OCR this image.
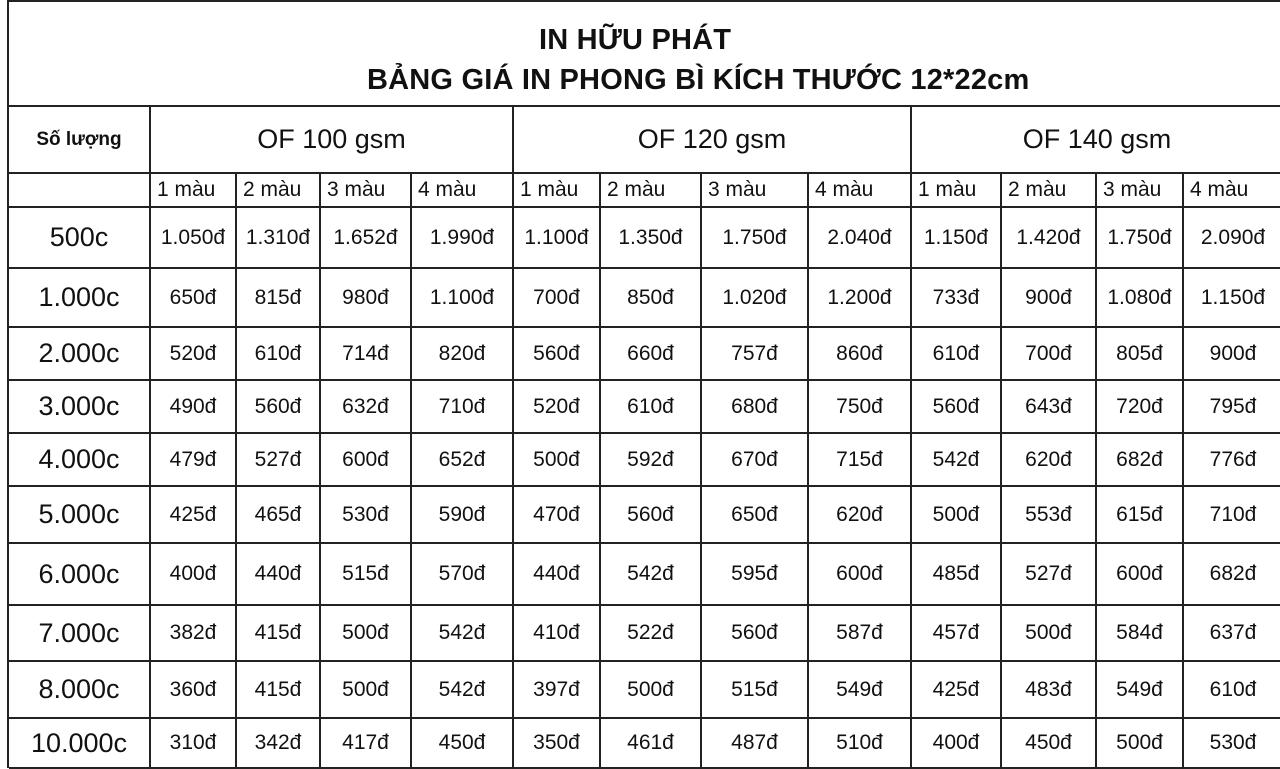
IN HỮU PHÁT
BẢNG GIÁ IN PHONG BÌ KÍCH THƯỚC 12*22cm
Số lượng	OF 100 gsm				OF 120 gsm				OF 140 gsm			
	1 màu	2 màu	3 màu	4 màu	1 màu	2 màu	3 màu	4 màu	1 màu	2 màu	3 màu	4 màu
500c	1.050đ	1.310đ	1.652đ	1.990đ	1.100đ	1.350đ	1.750đ	2.040đ	1.150đ	1.420đ	1.750đ	2.090đ
1.000c	650đ	815đ	980đ	1.100đ	700đ	850đ	1.020đ	1.200đ	733đ	900đ	1.080đ	1.150đ
2.000c	520đ	610đ	714đ	820đ	560đ	660đ	757đ	860đ	610đ	700đ	805đ	900đ
3.000c	490đ	560đ	632đ	710đ	520đ	610đ	680đ	750đ	560đ	643đ	720đ	795đ
4.000c	479đ	527đ	600đ	652đ	500đ	592đ	670đ	715đ	542đ	620đ	682đ	776đ
5.000c	425đ	465đ	530đ	590đ	470đ	560đ	650đ	620đ	500đ	553đ	615đ	710đ
6.000c	400đ	440đ	515đ	570đ	440đ	542đ	595đ	600đ	485đ	527đ	600đ	682đ
7.000c	382đ	415đ	500đ	542đ	410đ	522đ	560đ	587đ	457đ	500đ	584đ	637đ
8.000c	360đ	415đ	500đ	542đ	397đ	500đ	515đ	549đ	425đ	483đ	549đ	610đ
10.000c	310đ	342đ	417đ	450đ	350đ	461đ	487đ	510đ	400đ	450đ	500đ	530đ
